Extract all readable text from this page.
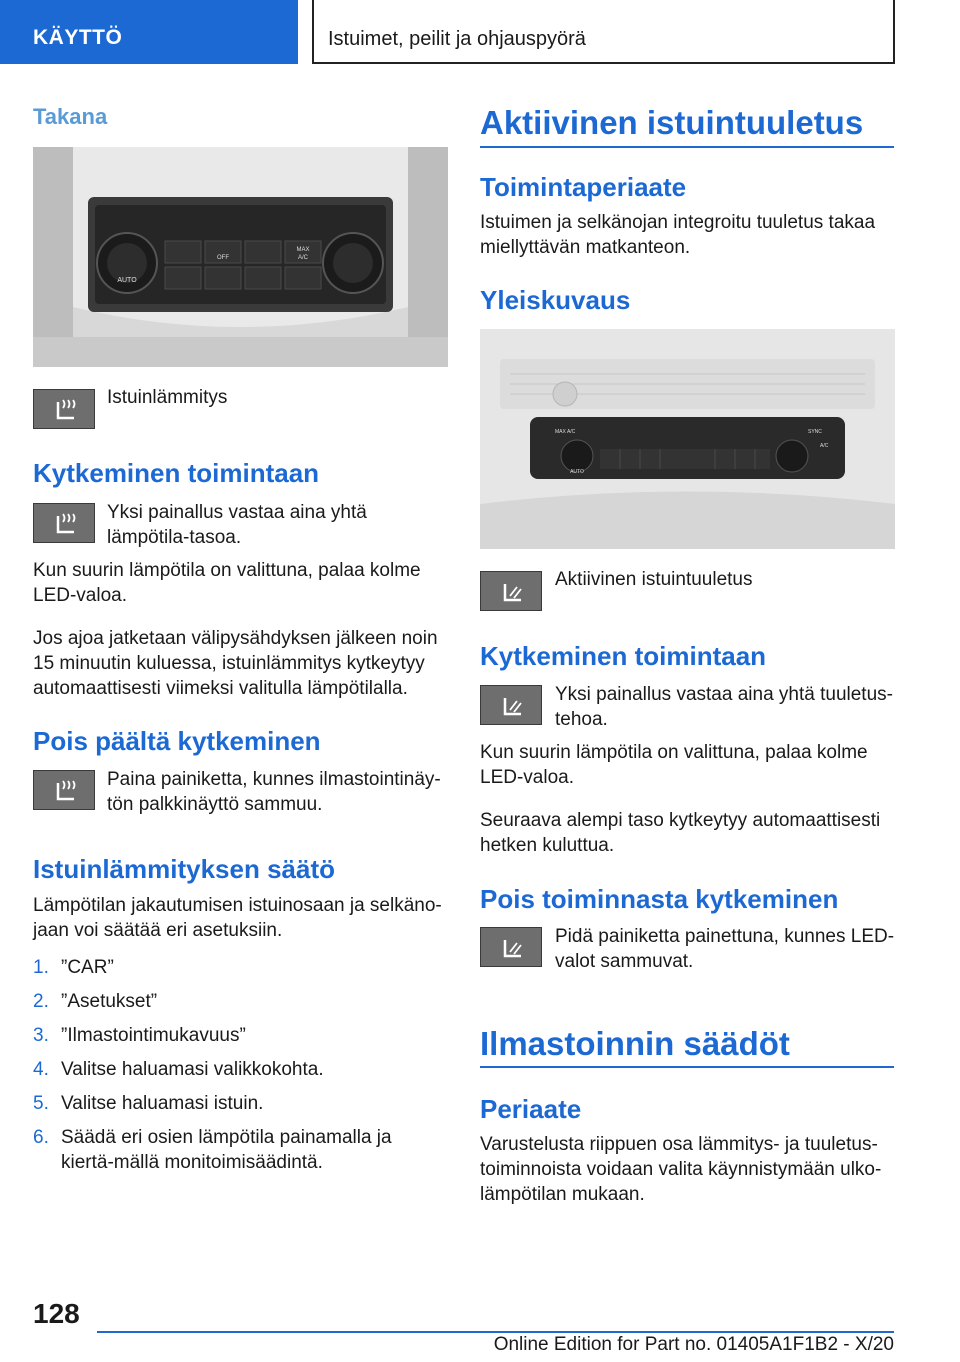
KÄYTTÖ	Istuimet, peilit ja ohjauspyörä
Takana
AUTO
OFF
MAX
A/C

Istuinlämmitys

Kytkeminen toimintaan

Yksi painallus vastaa aina yhtä lämpötila-tasoa.

Kun suurin lämpötila on valittuna, palaa kolme LED-valoa.

Jos ajoa jatketaan välipysähdyksen jälkeen noin 15 minuutin kuluessa, istuinlämmitys kytkeytyy automaattisesti viimeksi valitulla lämpötilalla.

Pois päältä kytkeminen

Paina painiketta, kunnes ilmastointinäy-tön palkkinäyttö sammuu.

Istuinlämmityksen säätö

Lämpötilan jakautumisen istuinosaan ja selkäno-jaan voi säätää eri asetuksiin.

1. ”CAR”
2. ”Asetukset”
3. ”Ilmastointimukavuus”
4. Valitse haluamasi valikkokohta.
5. Valitse haluamasi istuin.
6. Säädä eri osien lämpötila painamalla ja kiertä-mällä monitoimisäädintä.
Aktiivinen istuintuuletus
Toimintaperiaate

Istuimen ja selkänojan integroitu tuuletus takaa miellyttävän matkanteon.

Yleiskuvaus
AUTO
MAX A/C	SYNC
A/C

Aktiivinen istuintuuletus

Kytkeminen toimintaan

Yksi painallus vastaa aina yhtä tuuletus-tehoa.

Kun suurin lämpötila on valittuna, palaa kolme LED-valoa.

Seuraava alempi taso kytkeytyy automaattisesti hetken kuluttua.

Pois toiminnasta kytkeminen

Pidä painiketta painettuna, kunnes LED-valot sammuvat.

Ilmastoinnin säädöt
Periaate

Varustelusta riippuen osa lämmitys- ja tuuletus-toiminnoista voidaan valita käynnistymään ulko-lämpötilan mukaan.

128
Online Edition for Part no. 01405A1F1B2 - X/20
